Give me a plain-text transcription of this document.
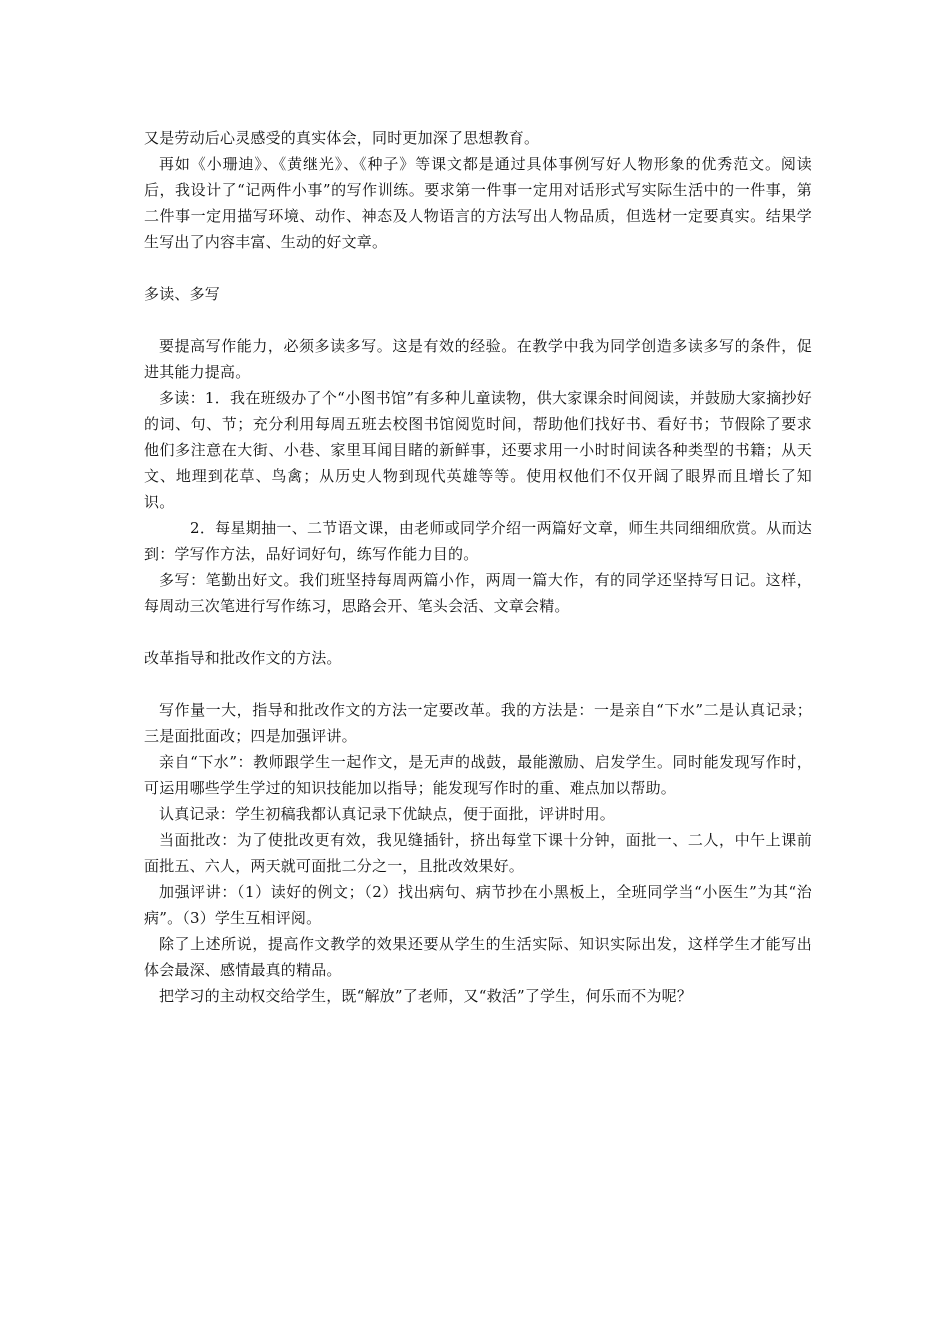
又是劳动后心灵感受的真实体会，同时更加深了思想教育。

再如《小珊迪》、《黄继光》、《种子》等课文都是通过具体事例写好人物形象的优秀范文。阅读后，我设计了“记两件小事”的写作训练。要求第一件事一定用对话形式写实际生活中的一件事，第二件事一定用描写环境、动作、神态及人物语言的方法写出人物品质，但选材一定要真实。结果学生写出了内容丰富、生动的好文章。

多读、多写

要提高写作能力，必须多读多写。这是有效的经验。在教学中我为同学创造多读多写的条件，促进其能力提高。

多读：1．我在班级办了个“小图书馆”有多种儿童读物，供大家课余时间阅读，并鼓励大家摘抄好的词、句、节；充分利用每周五班去校图书馆阅览时间，帮助他们找好书、看好书；节假除了要求他们多注意在大街、小巷、家里耳闻目睹的新鲜事，还要求用一小时时间读各种类型的书籍；从天文、地理到花草、鸟禽；从历史人物到现代英雄等等。使用权他们不仅开阔了眼界而且增长了知识。

2．每星期抽一、二节语文课，由老师或同学介绍一两篇好文章，师生共同细细欣赏。从而达到：学写作方法，品好词好句，练写作能力目的。

多写：笔勤出好文。我们班坚持每周两篇小作，两周一篇大作，有的同学还坚持写日记。这样，每周动三次笔进行写作练习，思路会开、笔头会活、文章会精。

改革指导和批改作文的方法。

写作量一大，指导和批改作文的方法一定要改革。我的方法是：一是亲自“下水”二是认真记录；三是面批面改；四是加强评讲。

亲自“下水”：教师跟学生一起作文，是无声的战鼓，最能激励、启发学生。同时能发现写作时，可运用哪些学生学过的知识技能加以指导；能发现写作时的重、难点加以帮助。

认真记录：学生初稿我都认真记录下优缺点，便于面批，评讲时用。

当面批改：为了使批改更有效，我见缝插针，挤出每堂下课十分钟，面批一、二人，中午上课前面批五、六人，两天就可面批二分之一，且批改效果好。

加强评讲：（1）读好的例文；（2）找出病句、病节抄在小黑板上，全班同学当“小医生”为其“治病”。（3）学生互相评阅。

除了上述所说，提高作文教学的效果还要从学生的生活实际、知识实际出发，这样学生才能写出体会最深、感情最真的精品。

把学习的主动权交给学生，既“解放”了老师，又“救活”了学生，何乐而不为呢？
